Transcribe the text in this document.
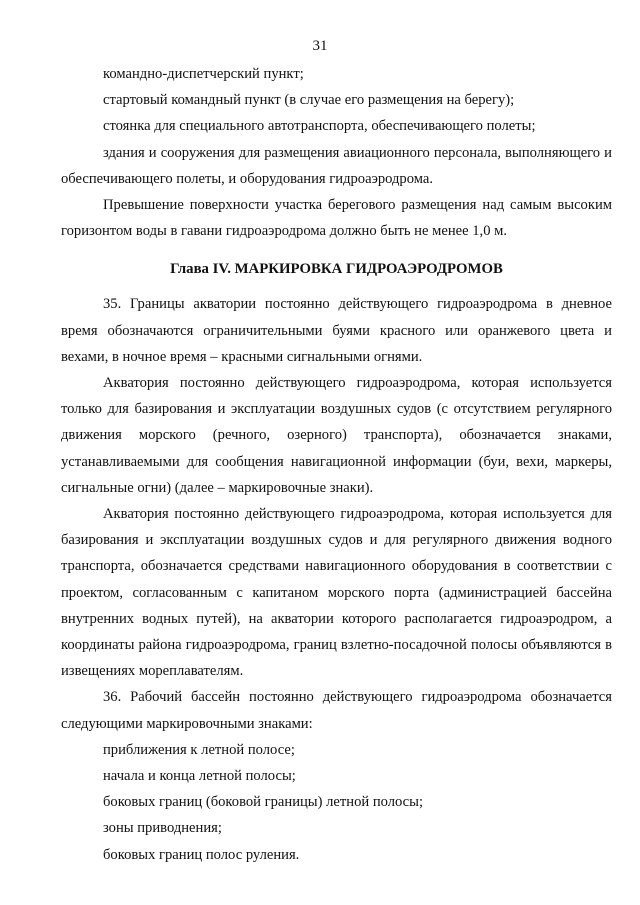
31

командно-диспетчерский пункт;

стартовый командный пункт (в случае его размещения на берегу);

стоянка для специального автотранспорта, обеспечивающего полеты;

здания и сооружения для размещения авиационного персонала, выполняющего и обеспечивающего полеты, и оборудования гидроаэродрома.

Превышение поверхности участка берегового размещения над самым высоким горизонтом воды в гавани гидроаэродрома должно быть не менее 1,0 м.

Глава IV. МАРКИРОВКА ГИДРОАЭРОДРОМОВ

35. Границы акватории постоянно действующего гидроаэродрома в дневное время обозначаются ограничительными буями красного или оранжевого цвета и вехами, в ночное время – красными сигнальными огнями.

Акватория постоянно действующего гидроаэродрома, которая используется только для базирования и эксплуатации воздушных судов (с отсутствием регулярного движения морского (речного, озерного) транспорта), обозначается знаками, устанавливаемыми для сообщения навигационной информации (буи, вехи, маркеры, сигнальные огни) (далее – маркировочные знаки).

Акватория постоянно действующего гидроаэродрома, которая используется для базирования и эксплуатации воздушных судов и для регулярного движения водного транспорта, обозначается средствами навигационного оборудования в соответствии с проектом, согласованным с капитаном морского порта (администрацией бассейна внутренних водных путей), на акватории которого располагается гидроаэродром, а координаты района гидроаэродрома, границ взлетно-посадочной полосы объявляются в извещениях мореплавателям.

36. Рабочий бассейн постоянно действующего гидроаэродрома обозначается следующими маркировочными знаками:

приближения к летной полосе;

начала и конца летной полосы;

боковых границ (боковой границы) летной полосы;

зоны приводнения;

боковых границ полос руления.
